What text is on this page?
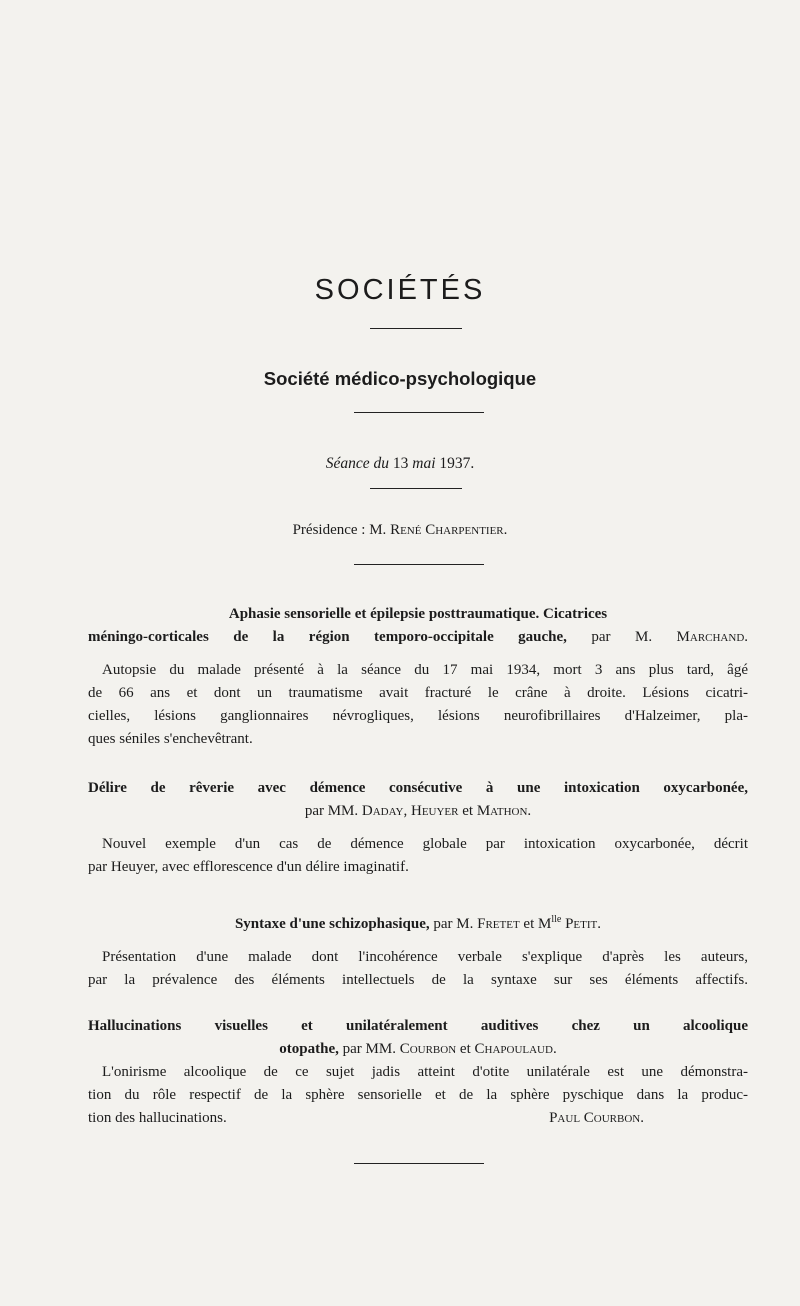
SOCIÉTÉS
Société médico-psychologique
Séance du 13 mai 1937.
Présidence : M. René Charpentier.
Aphasie sensorielle et épilepsie posttraumatique. Cicatrices
méningo-corticales de la région temporo-occipitale gauche, par M. Marchand.
Autopsie du malade présenté à la séance du 17 mai 1934, mort 3 ans plus tard, âgé
de 66 ans et dont un traumatisme avait fracturé le crâne à droite. Lésions cicatri-
cielles, lésions ganglionnaires névrogliques, lésions neurofibrillaires d'Halzeimer, pla-
ques séniles s'enchevêtrant.
Délire de rêverie avec démence consécutive à une intoxication oxycarbonée,
par MM. Daday, Heuyer et Mathon.
Nouvel exemple d'un cas de démence globale par intoxication oxycarbonée, décrit
par Heuyer, avec efflorescence d'un délire imaginatif.
Syntaxe d'une schizophasique, par M. Fretet et $M^{lle}$ Petit.
Présentation d'une malade dont l'incohérence verbale s'explique d'après les auteurs,
par la prévalence des éléments intellectuels de la syntaxe sur ses éléments affectifs.
Hallucinations visuelles et unilatéralement auditives chez un alcoolique
otopathe, par MM. Courbon et Chapoulaud.
L'onirisme alcoolique de ce sujet jadis atteint d'otite unilatérale est une démonstra-
tion du rôle respectif de la sphère sensorielle et de la sphère pyschique dans la produc-
tion des hallucinations.	Paul Courbon.
